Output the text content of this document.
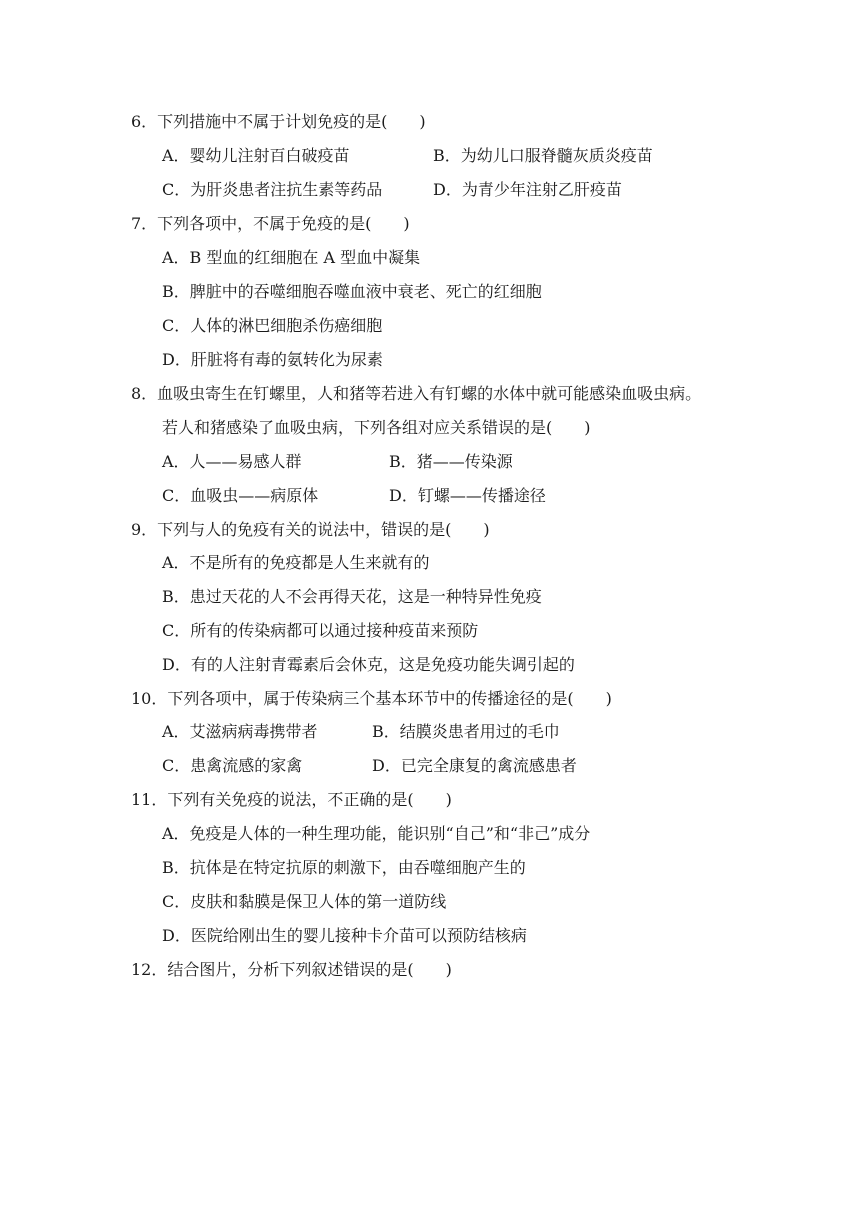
6．下列措施中不属于计划免疫的是(　　)
A．婴幼儿注射百白破疫苗	B．为幼儿口服脊髓灰质炎疫苗
C．为肝炎患者注抗生素等药品	D．为青少年注射乙肝疫苗
7．下列各项中，不属于免疫的是(　　)
A．B 型血的红细胞在 A 型血中凝集
B．脾脏中的吞噬细胞吞噬血液中衰老、死亡的红细胞
C．人体的淋巴细胞杀伤癌细胞
D．肝脏将有毒的氨转化为尿素
8．血吸虫寄生在钉螺里，人和猪等若进入有钉螺的水体中就可能感染血吸虫病。
若人和猪感染了血吸虫病，下列各组对应关系错误的是(　　)
A．人——易感人群	B．猪——传染源
C．血吸虫——病原体	D．钉螺——传播途径
9．下列与人的免疫有关的说法中，错误的是(　　)
A．不是所有的免疫都是人生来就有的
B．患过天花的人不会再得天花，这是一种特异性免疫
C．所有的传染病都可以通过接种疫苗来预防
D．有的人注射青霉素后会休克，这是免疫功能失调引起的
10．下列各项中，属于传染病三个基本环节中的传播途径的是(　　)
A．艾滋病病毒携带者	B．结膜炎患者用过的毛巾
C．患禽流感的家禽	D．已完全康复的禽流感患者
11．下列有关免疫的说法，不正确的是(　　)
A．免疫是人体的一种生理功能，能识别“自己”和“非己”成分
B．抗体是在特定抗原的刺激下，由吞噬细胞产生的
C．皮肤和黏膜是保卫人体的第一道防线
D．医院给刚出生的婴儿接种卡介苗可以预防结核病
12．结合图片，分析下列叙述错误的是(　　)
